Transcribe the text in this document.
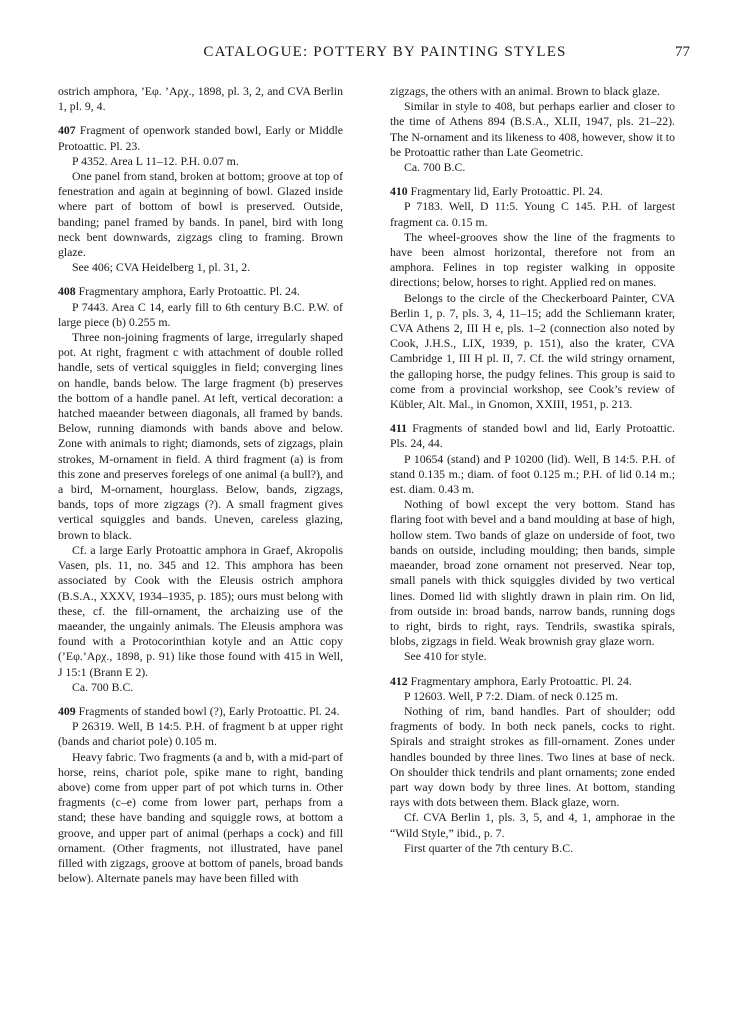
CATALOGUE: POTTERY BY PAINTING STYLES	77

ostrich amphora, ’Eφ. ’Aρχ., 1898, pl. 3, 2, and CVA Berlin 1, pl. 9, 4.

407 Fragment of openwork standed bowl, Early or Middle Protoattic. Pl. 23.

P 4352. Area L 11–12. P.H. 0.07 m.

One panel from stand, broken at bottom; groove at top of fenestration and again at beginning of bowl. Glazed inside where part of bottom of bowl is preserved. Outside, banding; panel framed by bands. In panel, bird with long neck bent downwards, zigzags cling to framing. Brown glaze.

See 406; CVA Heidelberg 1, pl. 31, 2.

408 Fragmentary amphora, Early Protoattic. Pl. 24.

P 7443. Area C 14, early fill to 6th century B.C. P.W. of large piece (b) 0.255 m.

Three non-joining fragments of large, irregularly shaped pot. At right, fragment c with attachment of double rolled handle, sets of vertical squiggles in field; converging lines on handle, bands below. The large fragment (b) preserves the bottom of a handle panel. At left, vertical decoration: a hatched maeander between diagonals, all framed by bands. Below, running diamonds with bands above and below. Zone with animals to right; diamonds, sets of zigzags, plain strokes, M-ornament in field. A third fragment (a) is from this zone and preserves forelegs of one animal (a bull?), and a bird, M-ornament, hourglass. Below, bands, zigzags, bands, tops of more zigzags (?). A small fragment gives vertical squiggles and bands. Uneven, careless glazing, brown to black.

Cf. a large Early Protoattic amphora in Graef, Akropolis Vasen, pls. 11, no. 345 and 12. This amphora has been associated by Cook with the Eleusis ostrich amphora (B.S.A., XXXV, 1934–1935, p. 185); ours must belong with these, cf. the fill-ornament, the archaizing use of the maeander, the ungainly animals. The Eleusis amphora was found with a Protocorinthian kotyle and an Attic copy (’Eφ.’Aρχ., 1898, p. 91) like those found with 415 in Well, J 15:1 (Brann E 2).

Ca. 700 B.C.

409 Fragments of standed bowl (?), Early Protoattic. Pl. 24.

P 26319. Well, B 14:5. P.H. of fragment b at upper right (bands and chariot pole) 0.105 m.

Heavy fabric. Two fragments (a and b, with a mid-part of horse, reins, chariot pole, spike mane to right, banding above) come from upper part of pot which turns in. Other fragments (c–e) come from lower part, perhaps from a stand; these have banding and squiggle rows, at bottom a groove, and upper part of animal (perhaps a cock) and fill ornament. (Other fragments, not illustrated, have panel filled with zigzags, groove at bottom of panels, broad bands below). Alternate panels may have been filled with

zigzags, the others with an animal. Brown to black glaze.

Similar in style to 408, but perhaps earlier and closer to the time of Athens 894 (B.S.A., XLII, 1947, pls. 21–22). The N-ornament and its likeness to 408, however, show it to be Protoattic rather than Late Geometric.

Ca. 700 B.C.

410 Fragmentary lid, Early Protoattic. Pl. 24.

P 7183. Well, D 11:5. Young C 145. P.H. of largest fragment ca. 0.15 m.

The wheel-grooves show the line of the fragments to have been almost horizontal, therefore not from an amphora. Felines in top register walking in opposite directions; below, horses to right. Applied red on manes.

Belongs to the circle of the Checkerboard Painter, CVA Berlin 1, p. 7, pls. 3, 4, 11–15; add the Schliemann krater, CVA Athens 2, III H e, pls. 1–2 (connection also noted by Cook, J.H.S., LIX, 1939, p. 151), also the krater, CVA Cambridge 1, III H pl. II, 7. Cf. the wild stringy ornament, the galloping horse, the pudgy felines. This group is said to come from a provincial workshop, see Cook’s review of Kübler, Alt. Mal., in Gnomon, XXIII, 1951, p. 213.

411 Fragments of standed bowl and lid, Early Protoattic. Pls. 24, 44.

P 10654 (stand) and P 10200 (lid). Well, B 14:5. P.H. of stand 0.135 m.; diam. of foot 0.125 m.; P.H. of lid 0.14 m.; est. diam. 0.43 m.

Nothing of bowl except the very bottom. Stand has flaring foot with bevel and a band moulding at base of high, hollow stem. Two bands of glaze on underside of foot, two bands on outside, including moulding; then bands, simple maeander, broad zone ornament not preserved. Near top, small panels with thick squiggles divided by two vertical lines. Domed lid with slightly drawn in plain rim. On lid, from outside in: broad bands, narrow bands, running dogs to right, birds to right, rays. Tendrils, swastika spirals, blobs, zigzags in field. Weak brownish gray glaze worn.

See 410 for style.

412 Fragmentary amphora, Early Protoattic. Pl. 24.

P 12603. Well, P 7:2. Diam. of neck 0.125 m.

Nothing of rim, band handles. Part of shoulder; odd fragments of body. In both neck panels, cocks to right. Spirals and straight strokes as fill-ornament. Zones under handles bounded by three lines. Two lines at base of neck. On shoulder thick tendrils and plant ornaments; zone ended part way down body by three lines. At bottom, standing rays with dots between them. Black glaze, worn.

Cf. CVA Berlin 1, pls. 3, 5, and 4, 1, amphorae in the “Wild Style,” ibid., p. 7.

First quarter of the 7th century B.C.
